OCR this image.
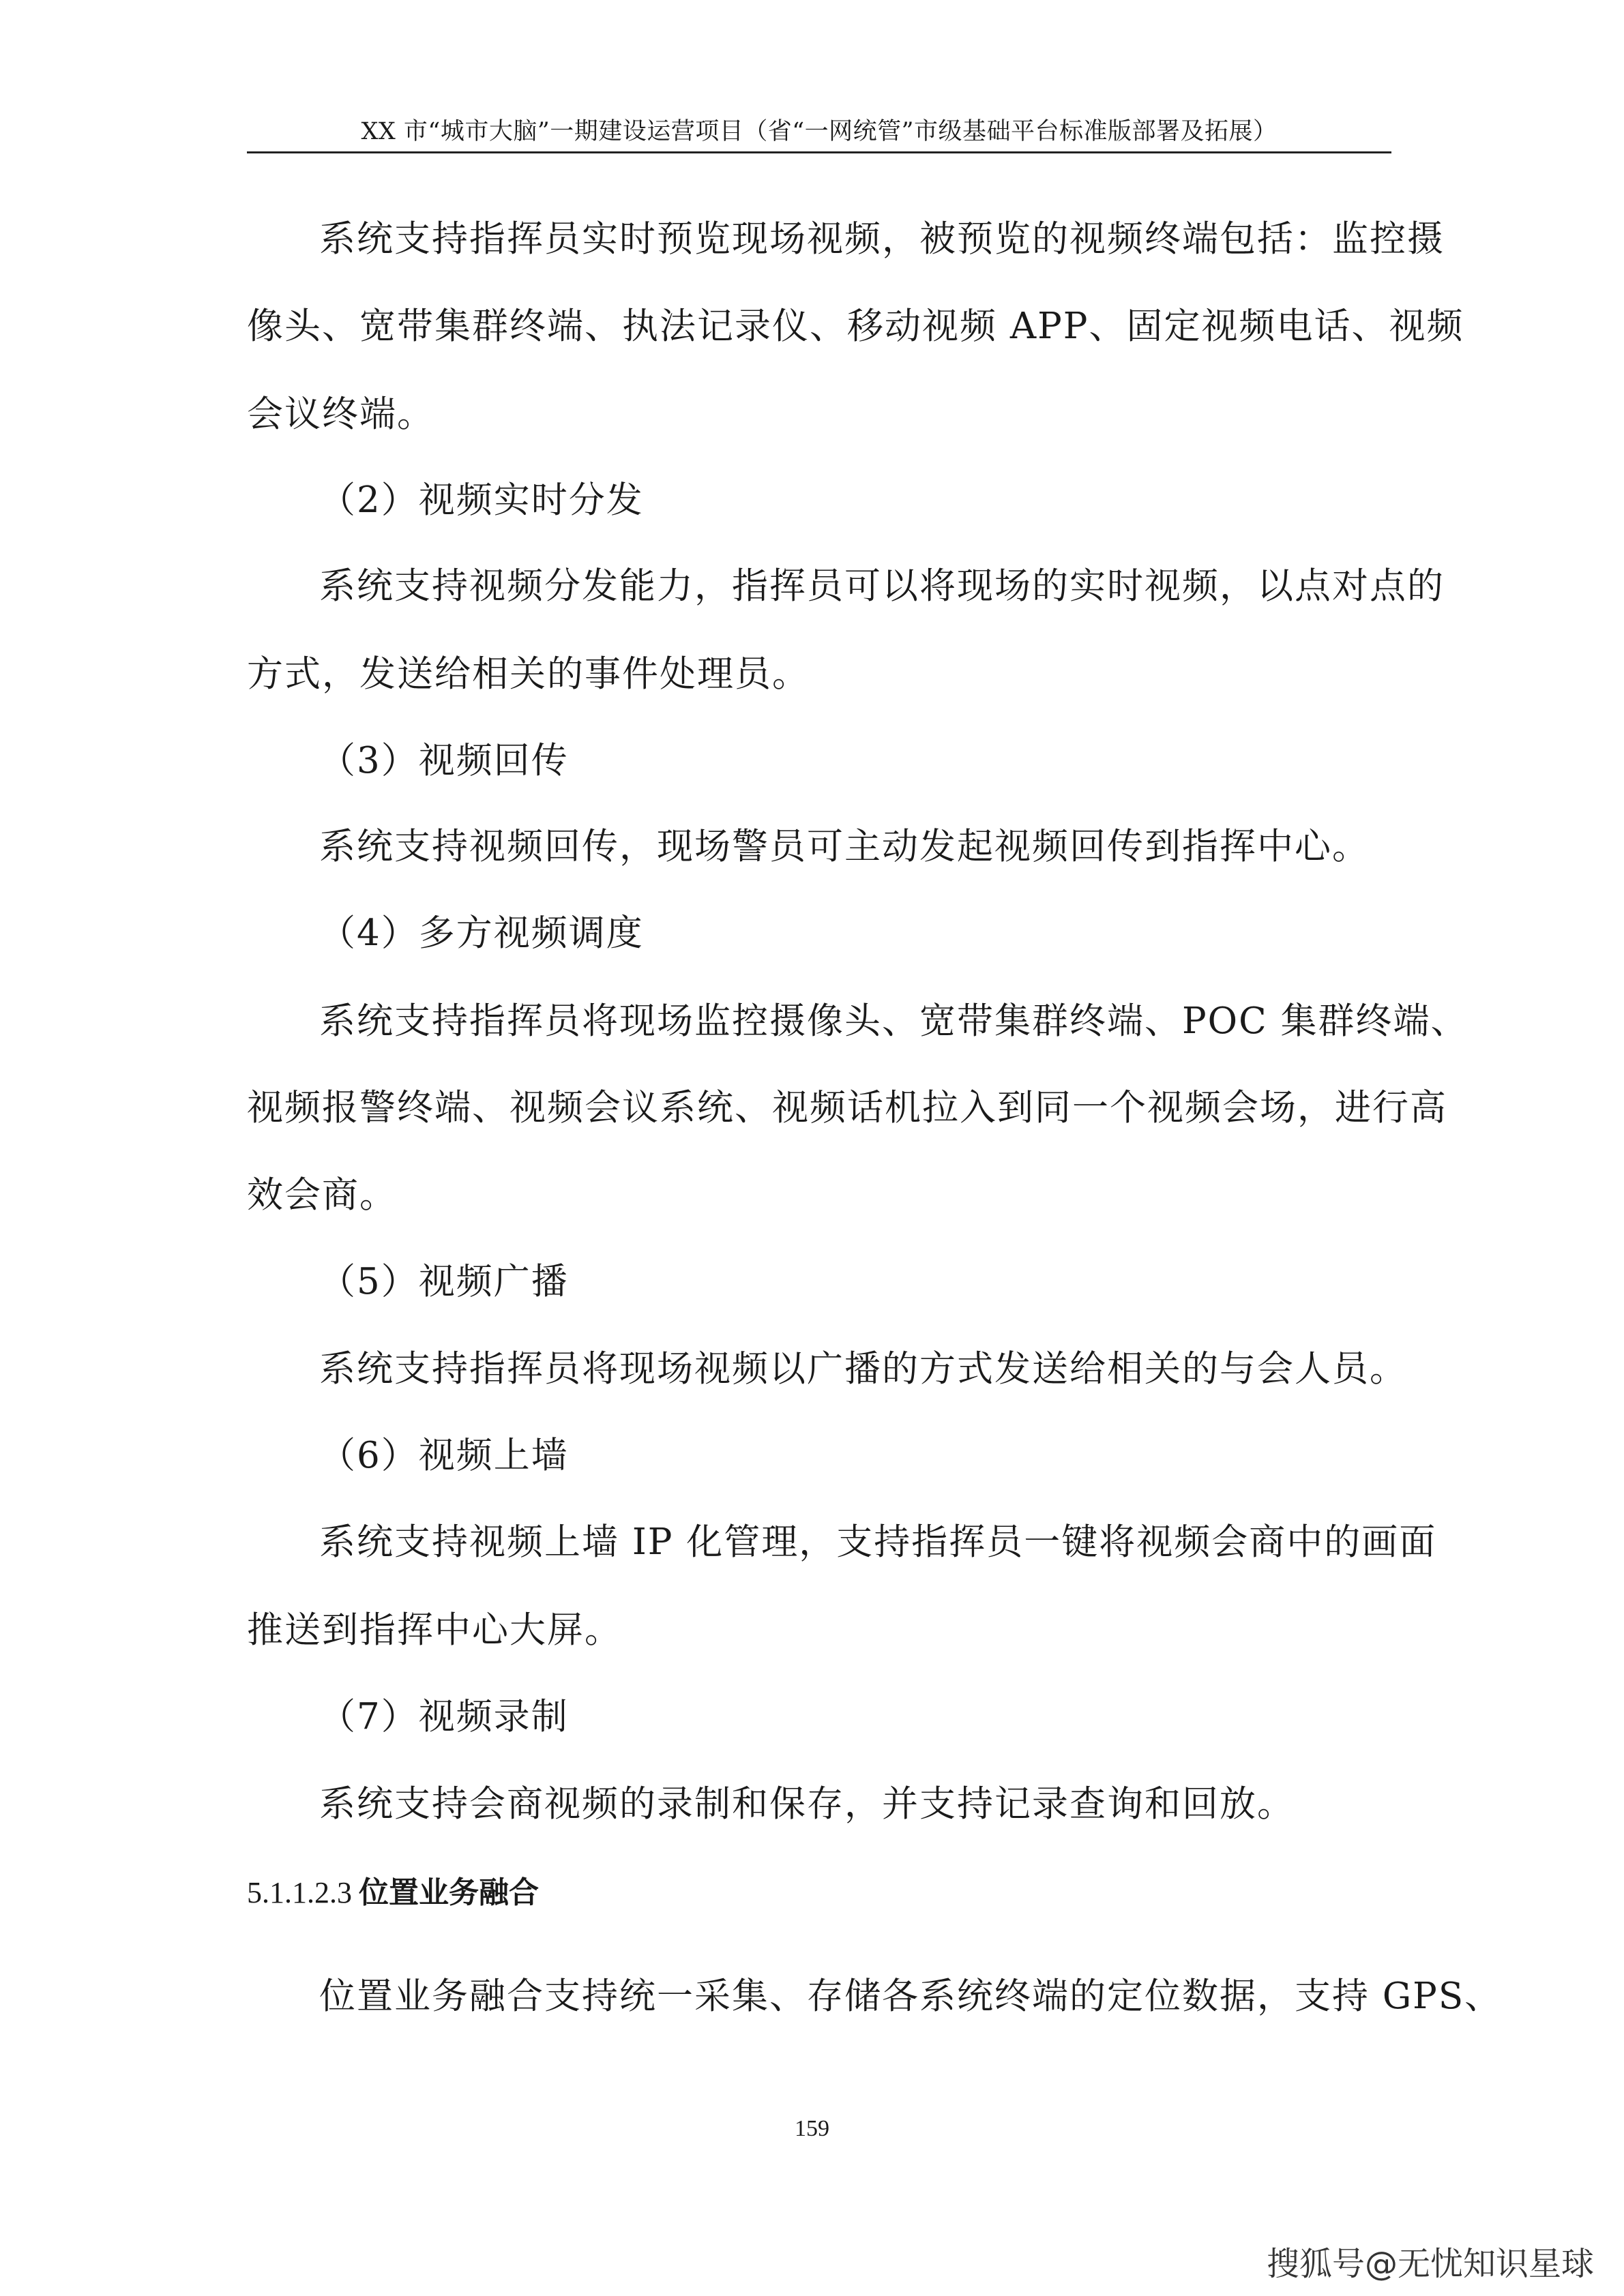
XX 市“城市大脑”一期建设运营项目（省“一网统管”市级基础平台标准版部署及拓展）
系统支持指挥员实时预览现场视频，被预览的视频终端包括：监控摄
像头、宽带集群终端、执法记录仪、移动视频 APP、固定视频电话、视频
会议终端。
（2）视频实时分发
系统支持视频分发能力，指挥员可以将现场的实时视频，以点对点的
方式，发送给相关的事件处理员。
（3）视频回传
系统支持视频回传，现场警员可主动发起视频回传到指挥中心。
（4）多方视频调度
系统支持指挥员将现场监控摄像头、宽带集群终端、POC 集群终端、
视频报警终端、视频会议系统、视频话机拉入到同一个视频会场，进行高
效会商。
（5）视频广播
系统支持指挥员将现场视频以广播的方式发送给相关的与会人员。
（6）视频上墙
系统支持视频上墙 IP 化管理，支持指挥员一键将视频会商中的画面
推送到指挥中心大屏。
（7）视频录制
系统支持会商视频的录制和保存，并支持记录查询和回放。
5.1.1.2.3 位置业务融合
位置业务融合支持统一采集、存储各系统终端的定位数据，支持 GPS、
159
搜狐号@无忧知识星球
